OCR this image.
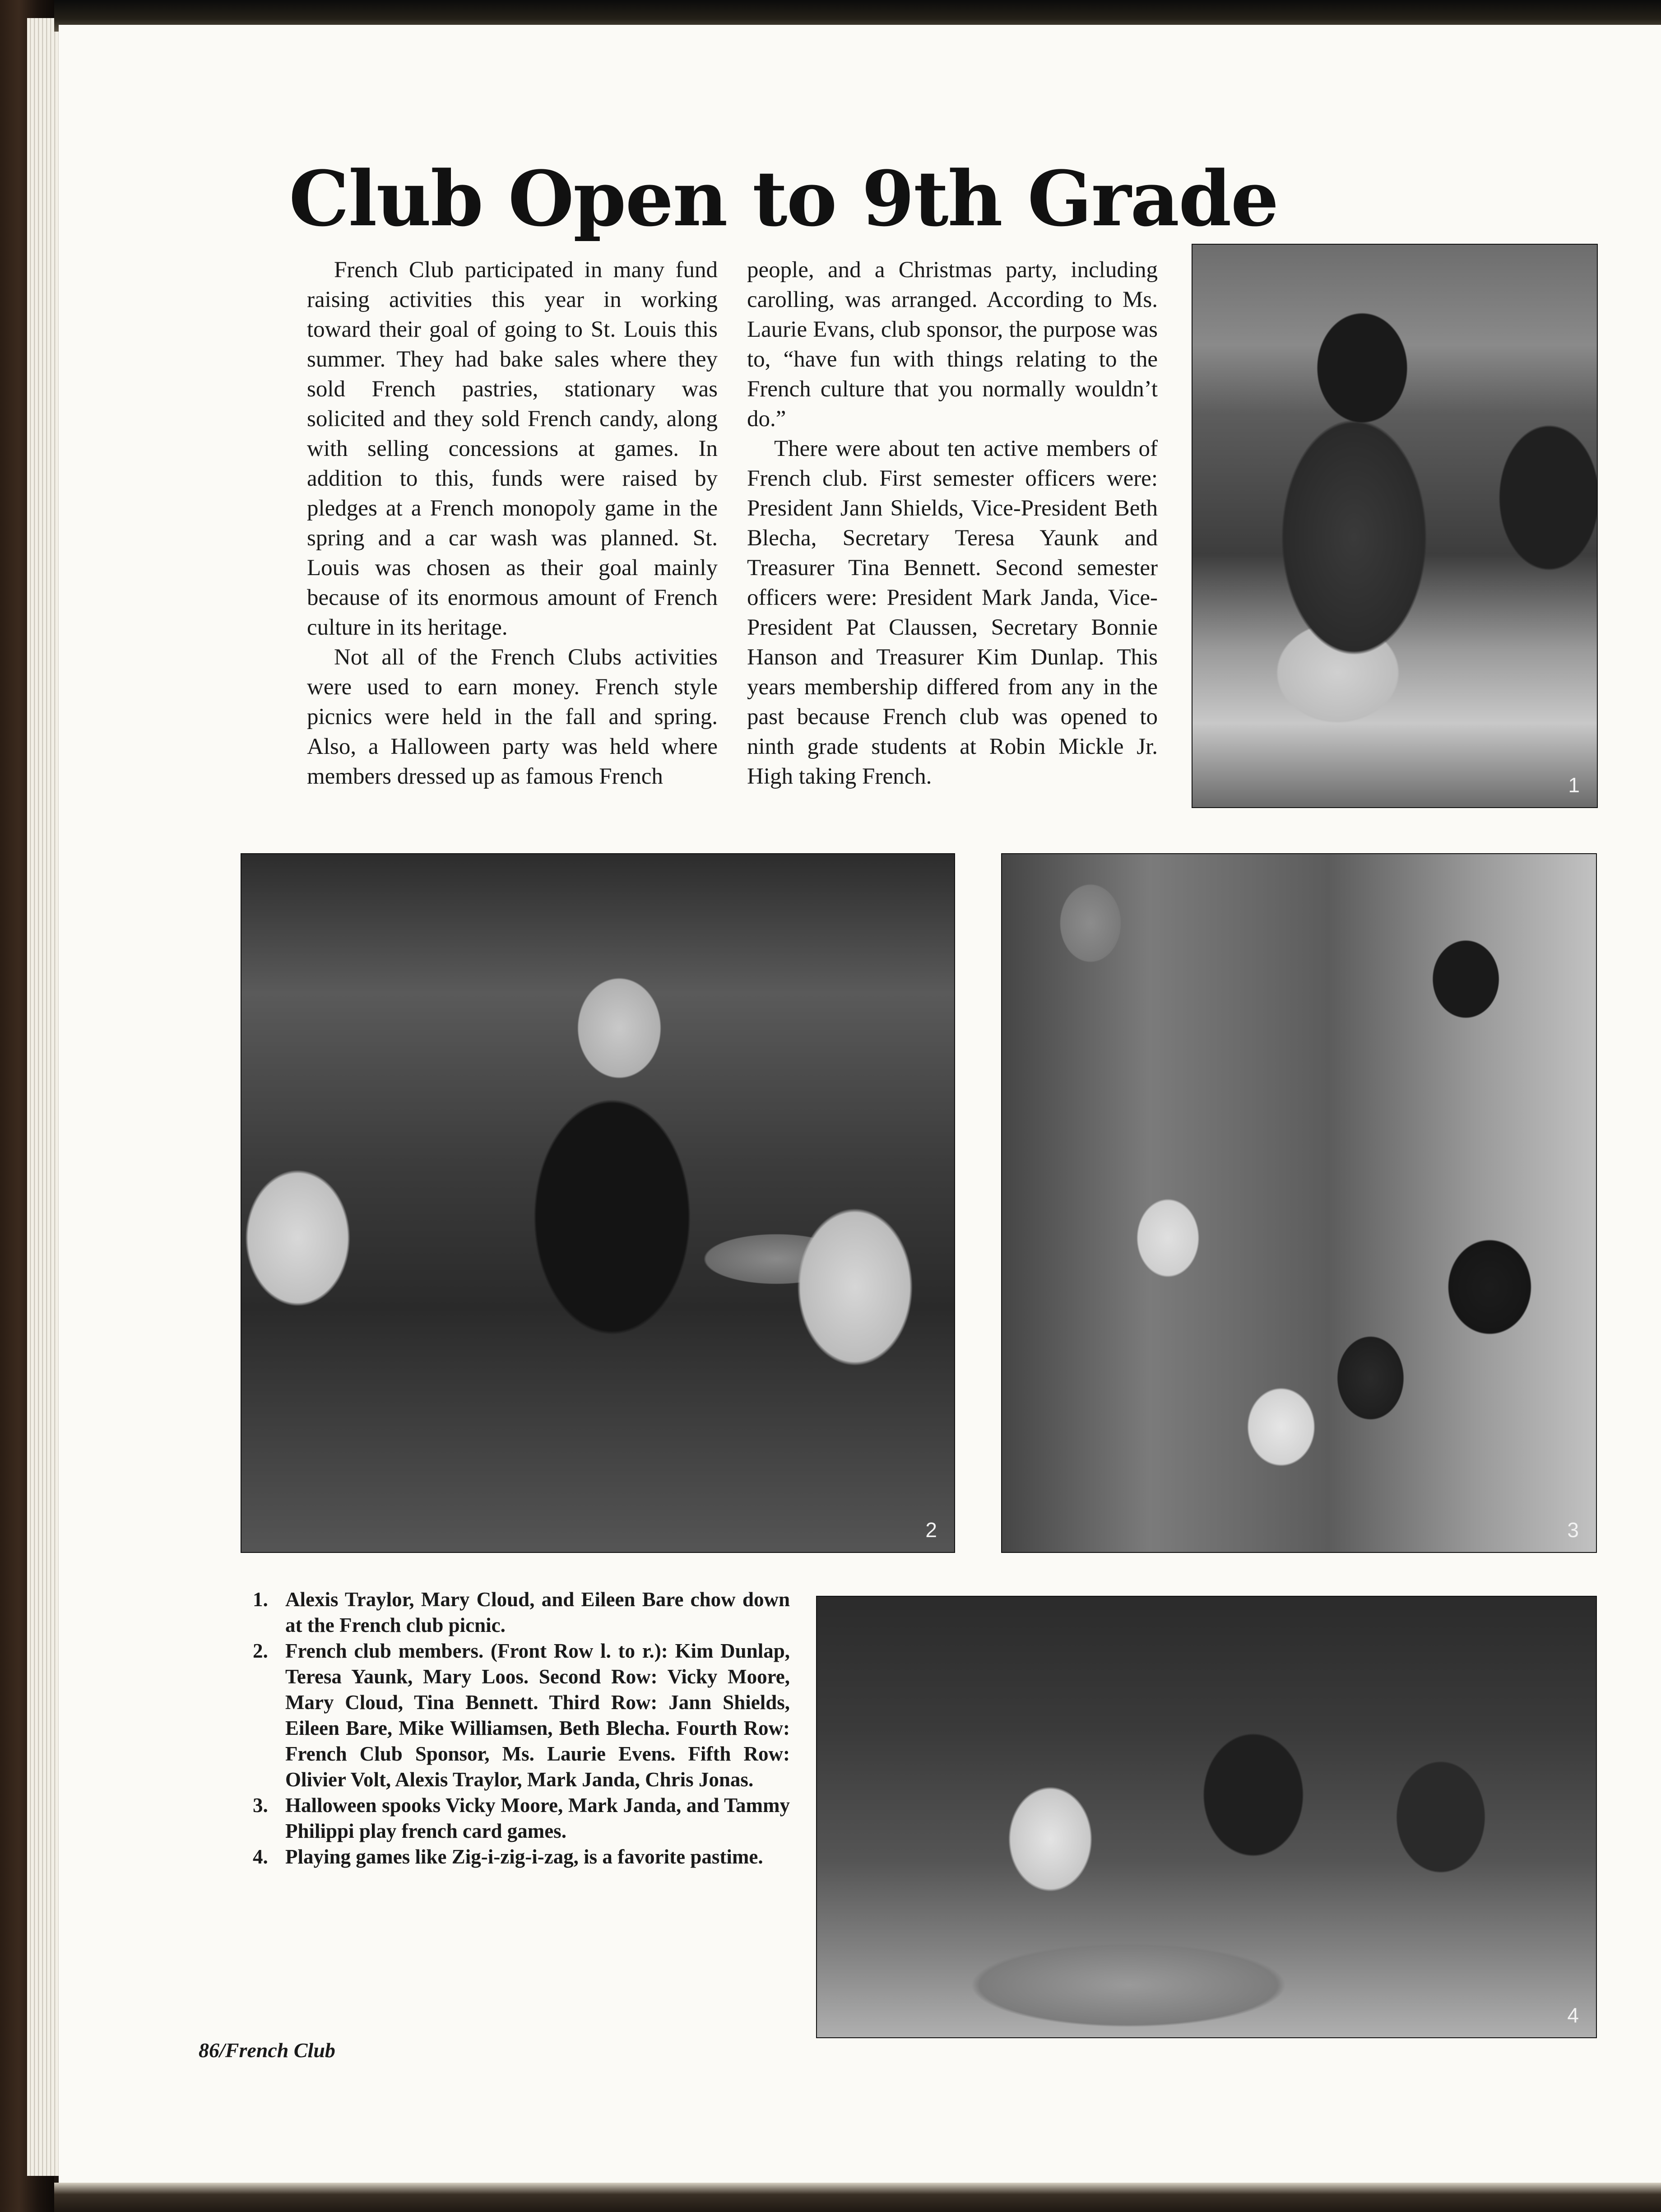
Club Open to 9th Grade

French Club participated in many fund raising activities this year in working toward their goal of going to St. Louis this summer. They had bake sales where they sold French pastries, stationary was solicited and they sold French candy, along with selling concessions at games. In addition to this, funds were raised by pledges at a French monopoly game in the spring and a car wash was planned. St. Louis was chosen as their goal mainly because of its enormous amount of French culture in its heritage.

Not all of the French Clubs activities were used to earn money. French style picnics were held in the fall and spring. Also, a Halloween party was held where members dressed up as famous French

people, and a Christmas party, including carolling, was arranged. According to Ms. Laurie Evans, club sponsor, the purpose was to, “have fun with things relating to the French culture that you normally wouldn’t do.”

There were about ten active members of French club. First semester officers were: President Jann Shields, Vice-President Beth Blecha, Secretary Teresa Yaunk and Treasurer Tina Bennett. Second semester officers were: President Mark Janda, Vice-President Pat Claussen, Secretary Bonnie Hanson and Treasurer Kim Dunlap. This years membership differed from any in the past because French club was opened to ninth grade students at Robin Mickle Jr. High taking French.	1
2	3
4
1. Alexis Traylor, Mary Cloud, and Eileen Bare chow down at the French club picnic.
2. French club members. (Front Row l. to r.): Kim Dunlap, Teresa Yaunk, Mary Loos. Second Row: Vicky Moore, Mary Cloud, Tina Bennett. Third Row: Jann Shields, Eileen Bare, Mike Williamsen, Beth Blecha. Fourth Row: French Club Sponsor, Ms. Laurie Evens. Fifth Row: Olivier Volt, Alexis Traylor, Mark Janda, Chris Jonas.
3. Halloween spooks Vicky Moore, Mark Janda, and Tammy Philippi play french card games.
4. Playing games like Zig-i-zig-i-zag, is a favorite pastime.
86/French Club
